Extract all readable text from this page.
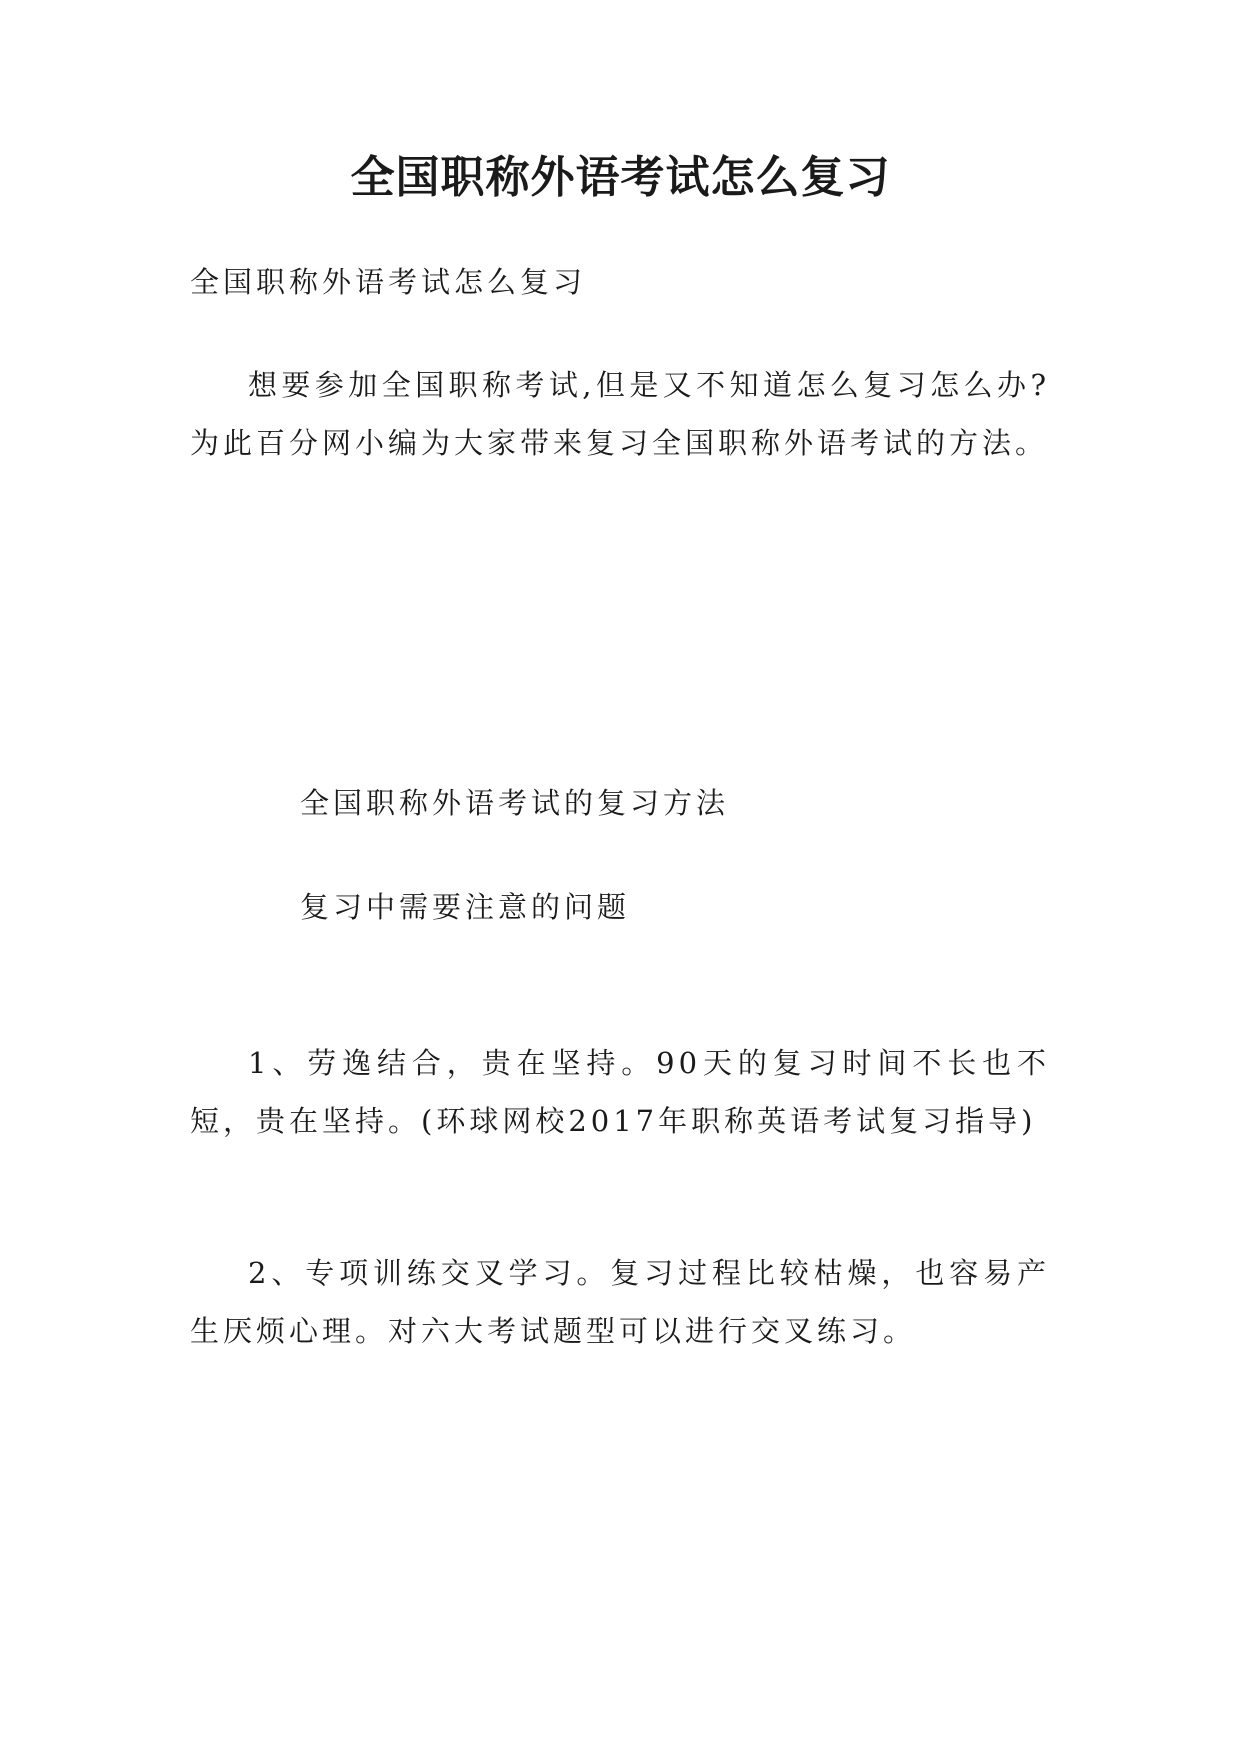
全国职称外语考试怎么复习

全国职称外语考试怎么复习

想要参加全国职称考试,但是又不知道怎么复习怎么办?为此百分网小编为大家带来复习全国职称外语考试的方法。

全国职称外语考试的复习方法

复习中需要注意的问题

1、劳逸结合，贵在坚持。90天的复习时间不长也不短，贵在坚持。(环球网校2017年职称英语考试复习指导)

2、专项训练交叉学习。复习过程比较枯燥，也容易产生厌烦心理。对六大考试题型可以进行交叉练习。
